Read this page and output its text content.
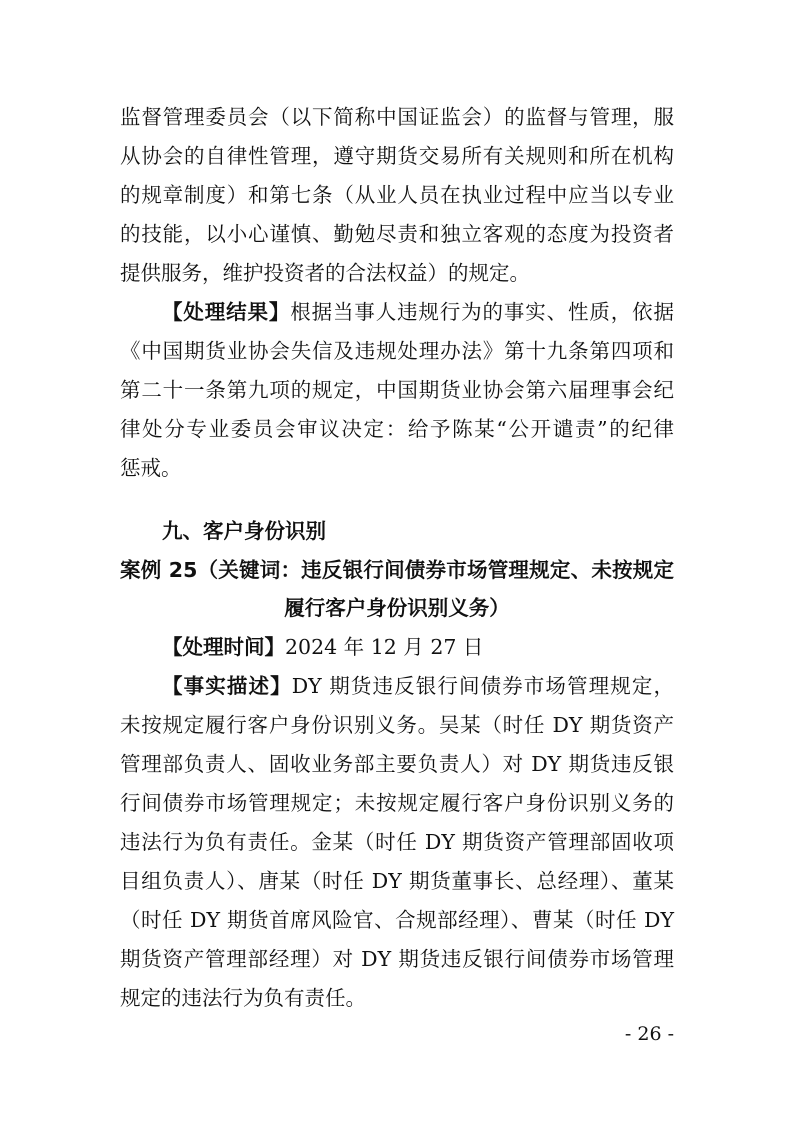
监督管理委员会（以下简称中国证监会）的监督与管理，服
从协会的自律性管理，遵守期货交易所有关规则和所在机构
的规章制度）和第七条（从业人员在执业过程中应当以专业
的技能，以小心谨慎、勤勉尽责和独立客观的态度为投资者
提供服务，维护投资者的合法权益）的规定。
【处理结果】根据当事人违规行为的事实、性质，依据
《中国期货业协会失信及违规处理办法》第十九条第四项和
第二十一条第九项的规定，中国期货业协会第六届理事会纪
律处分专业委员会审议决定：给予陈某“公开谴责”的纪律
惩戒。
九、客户身份识别
案例 25（关键词：违反银行间债券市场管理规定、未按规定
履行客户身份识别义务）
【处理时间】2024 年 12 月 27 日
【事实描述】DY 期货违反银行间债券市场管理规定，
未按规定履行客户身份识别义务。吴某（时任 DY 期货资产
管理部负责人、固收业务部主要负责人）对 DY 期货违反银
行间债券市场管理规定；未按规定履行客户身份识别义务的
违法行为负有责任。金某（时任 DY 期货资产管理部固收项
目组负责人）、唐某（时任 DY 期货董事长、总经理）、董某
（时任 DY 期货首席风险官、合规部经理）、曹某（时任 DY
期货资产管理部经理）对 DY 期货违反银行间债券市场管理
规定的违法行为负有责任。
- 26 -
